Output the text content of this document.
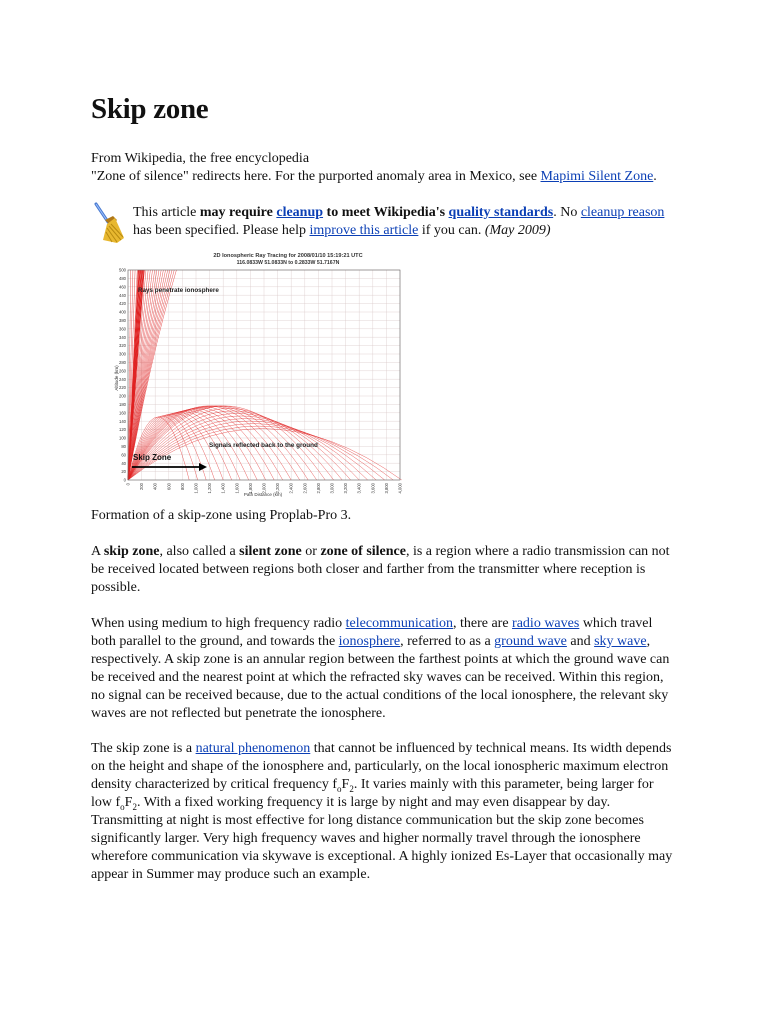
Skip zone
From Wikipedia, the free encyclopedia
"Zone of silence" redirects here. For the purported anomaly area in Mexico, see Mapimi Silent Zone.
This article may require cleanup to meet Wikipedia's quality standards. No cleanup reason has been specified. Please help improve this article if you can. (May 2009)
2D Ionospheric Ray Tracing for 2008/01/10 15:19:21 UTC
116.0833W 51.0833N to 0.2833W 51.7167N
500
480
460
440
420
400
380
360
340
320
300
280
260
240
220
200
180
160
140
120
100
80
60
40
20
0
0 200 400 600 800 1,000 1,200 1,400 1,600 1,800 2,000 2,200 2,400 2,600 2,800 3,000 3,200 3,400 3,600 3,800 4,000
Rays penetrate ionosphere
Signals reflected back to the ground
Skip Zone
Altitude (km)
Path Distance (km)
Formation of a skip-zone using Proplab-Pro 3.

A skip zone, also called a silent zone or zone of silence, is a region where a radio transmission can not be received located between regions both closer and farther from the transmitter where reception is possible.

When using medium to high frequency radio telecommunication, there are radio waves which travel both parallel to the ground, and towards the ionosphere, referred to as a ground wave and sky wave, respectively. A skip zone is an annular region between the farthest points at which the ground wave can be received and the nearest point at which the refracted sky waves can be received. Within this region, no signal can be received because, due to the actual conditions of the local ionosphere, the relevant sky waves are not reflected but penetrate the ionosphere.

The skip zone is a natural phenomenon that cannot be influenced by technical means. Its width depends on the height and shape of the ionosphere and, particularly, on the local ionospheric maximum electron density characterized by critical frequency $f_oF_2$. It varies mainly with this parameter, being larger for low $f_oF_2$. With a fixed working frequency it is large by night and may even disappear by day. Transmitting at night is most effective for long distance communication but the skip zone becomes significantly larger. Very high frequency waves and higher normally travel through the ionosphere wherefore communication via skywave is exceptional. A highly ionized Es-Layer that occasionally may appear in Summer may produce such an example.
